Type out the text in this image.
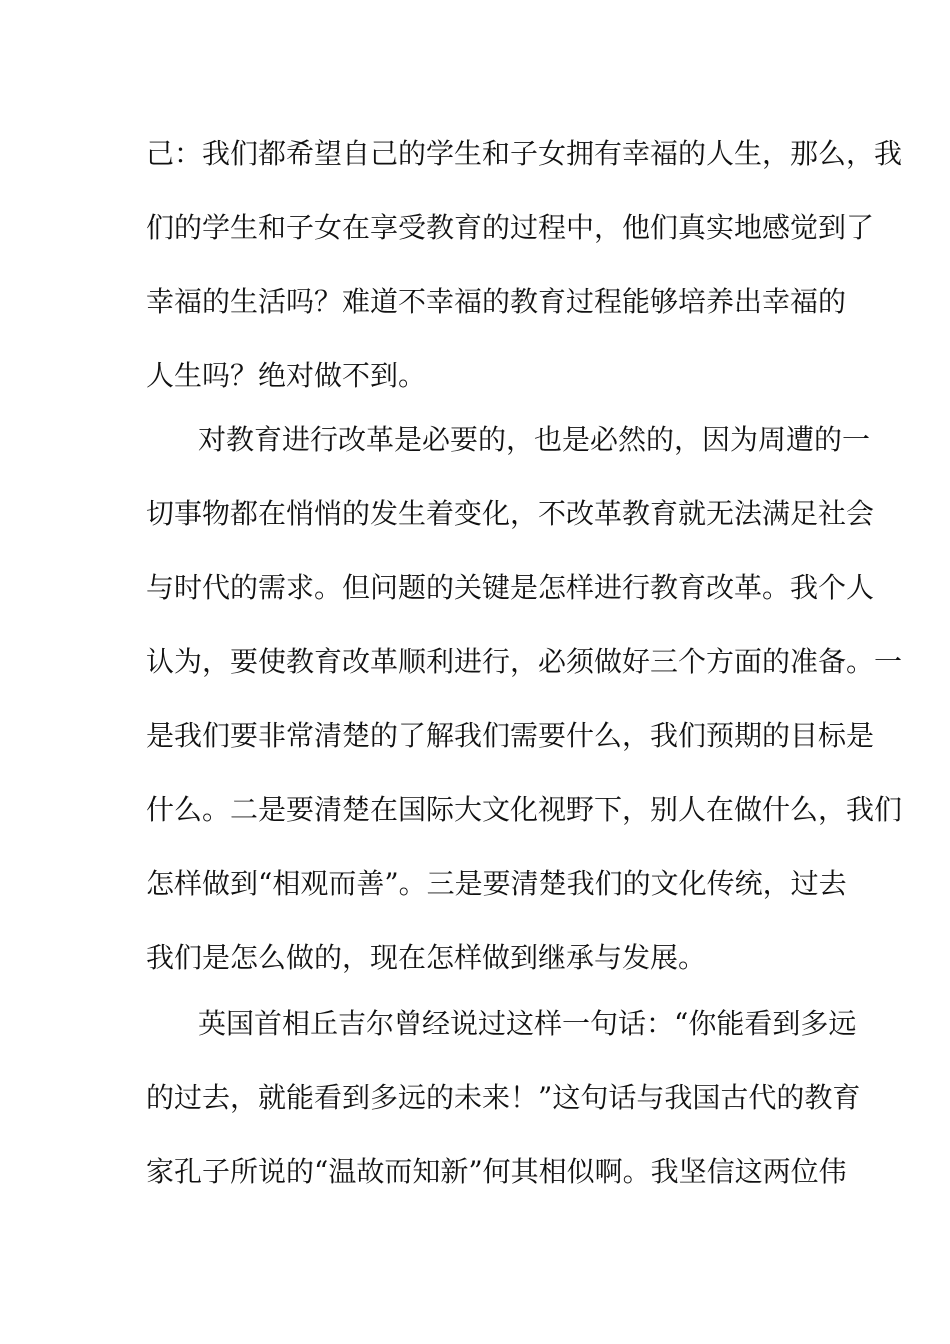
己：我们都希望自己的学生和子女拥有幸福的人生，那么，我
们的学生和子女在享受教育的过程中，他们真实地感觉到了
幸福的生活吗？难道不幸福的教育过程能够培养出幸福的
人生吗？绝对做不到。
对教育进行改革是必要的，也是必然的，因为周遭的一
切事物都在悄悄的发生着变化，不改革教育就无法满足社会
与时代的需求。但问题的关键是怎样进行教育改革。我个人
认为，要使教育改革顺利进行，必须做好三个方面的准备。一
是我们要非常清楚的了解我们需要什么，我们预期的目标是
什么。二是要清楚在国际大文化视野下，别人在做什么，我们
怎样做到“相观而善”。三是要清楚我们的文化传统，过去
我们是怎么做的，现在怎样做到继承与发展。
英国首相丘吉尔曾经说过这样一句话：“你能看到多远
的过去，就能看到多远的未来！”这句话与我国古代的教育
家孔子所说的“温故而知新”何其相似啊。我坚信这两位伟
